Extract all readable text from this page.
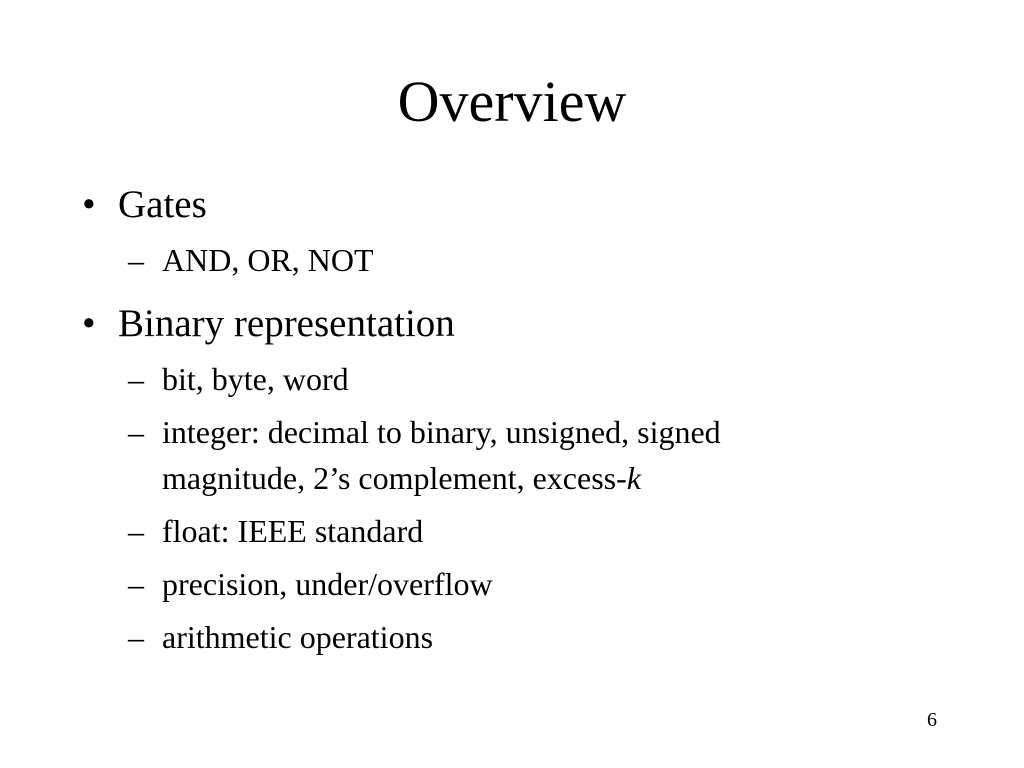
Overview
• Gates
– AND, OR, NOT
• Binary representation
– bit, byte, word
– integer: decimal to binary, unsigned, signed
magnitude, 2’s complement, excess-k
– float: IEEE standard
– precision, under/overflow
– arithmetic operations
6
